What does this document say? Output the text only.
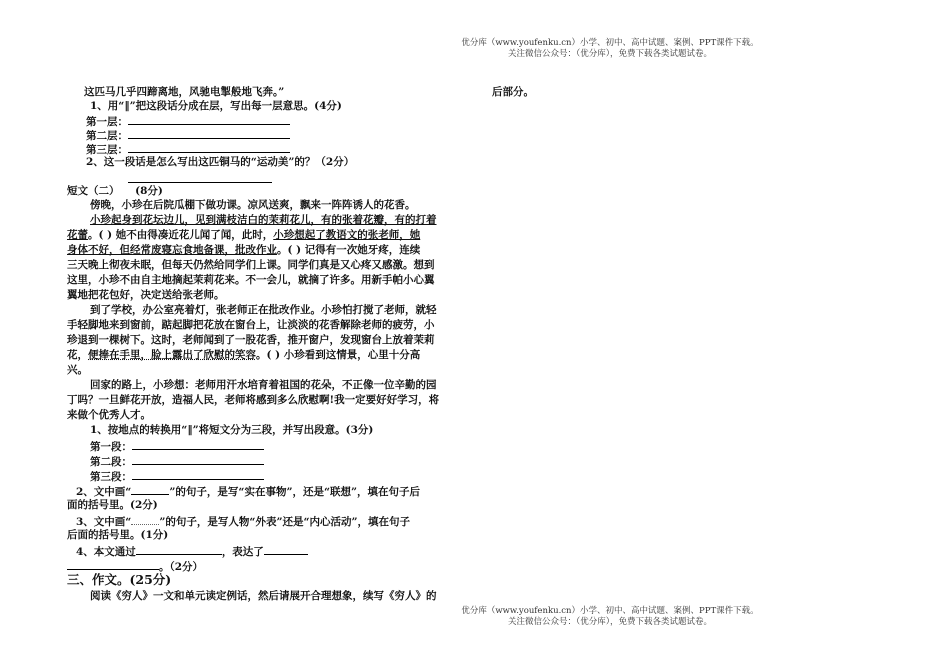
优分库（www.youfenku.cn）小学、初中、高中试题、案例、PPT课件下载。
关注微信公众号：（优分库），免费下载各类试题试卷。
后部分。
这匹马几乎四蹄离地，风驰电掣般地飞奔。”
1、用“‖”把这段话分成在层，写出每一层意思。(4分)
第一层：
第二层：
第三层：
2、这一段话是怎么写出这匹铜马的“运动美”的？（2分）
短文（二） (8分)
傍晚，小珍在后院瓜棚下做功课。凉风送爽，飘来一阵阵诱人的花香。
小珍起身到花坛边儿，见到满枝洁白的茉莉花儿，有的张着花瓣，有的打着
花蕾。( ) 她不由得凑近花儿闻了闻，此时，小珍想起了教语文的张老师，她
身体不好，但经常废寝忘食地备课，批改作业。( ) 记得有一次她牙疼，连续
三天晚上彻夜未眠，但每天仍然给同学们上课。同学们真是又心疼又感激。想到
这里，小珍不由自主地摘起茉莉花来。不一会儿，就摘了许多。用新手帕小心翼
翼地把花包好，决定送给张老师。
到了学校，办公室亮着灯，张老师正在批改作业。小珍怕打搅了老师，就轻
手轻脚地来到窗前，踮起脚把花放在窗台上，让淡淡的花香解除老师的疲劳，小
珍退到一棵树下。这时，老师闻到了一股花香，推开窗户，发现窗台上放着茉莉
花，便捧在手里，脸上露出了欣慰的笑容。( ) 小珍看到这情景，心里十分高
兴。
回家的路上，小珍想：老师用汗水培育着祖国的花朵，不正像一位辛勤的园
丁吗？一旦鲜花开放，造福人民，老师将感到多么欣慰啊!我一定要好好学习，将
来做个优秀人才。
1、按地点的转换用“‖”将短文分为三段，并写出段意。(3分)
第一段：
第二段：
第三段：
2、文中画“	”的句子，是写“实在事物”，还是“联想”，填在句子后
面的括号里。(2分)
3、文中画“	”的句子，是写人物“外表”还是“内心活动”，填在句子
后面的括号里。(1分)
4、本文通过	，表达了
。（2分）
三、作文。(25分)
阅读《穷人》一文和单元读定例话，然后请展开合理想象，续写《穷人》的
优分库（www.youfenku.cn）小学、初中、高中试题、案例、PPT课件下载。
关注微信公众号：（优分库），免费下载各类试题试卷。
